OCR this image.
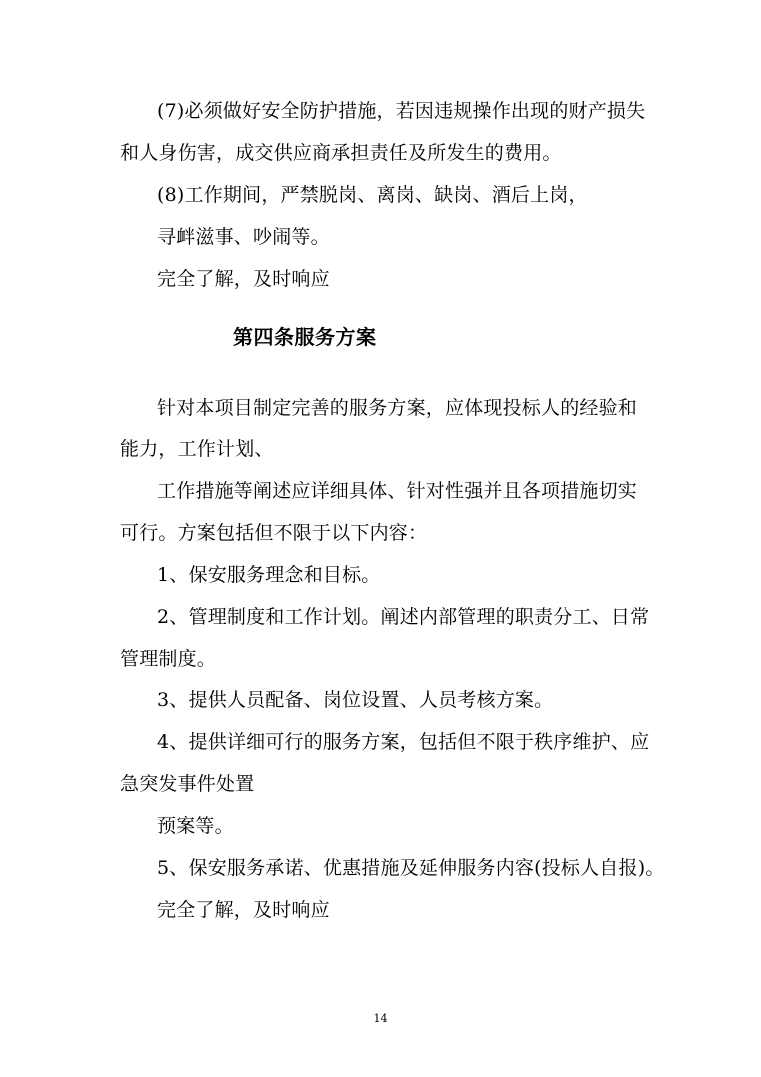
(7)必须做好安全防护措施，若因违规操作出现的财产损失
和人身伤害，成交供应商承担责任及所发生的费用。
(8)工作期间，严禁脱岗、离岗、缺岗、酒后上岗，
寻衅滋事、吵闹等。
完全了解，及时响应
第四条服务方案
针对本项目制定完善的服务方案，应体现投标人的经验和
能力，工作计划、
工作措施等阐述应详细具体、针对性强并且各项措施切实
可行。方案包括但不限于以下内容：
1、保安服务理念和目标。
2、管理制度和工作计划。阐述内部管理的职责分工、日常
管理制度。
3、提供人员配备、岗位设置、人员考核方案。
4、提供详细可行的服务方案，包括但不限于秩序维护、应
急突发事件处置
预案等。
5、保安服务承诺、优惠措施及延伸服务内容(投标人自报)。
完全了解，及时响应
14
